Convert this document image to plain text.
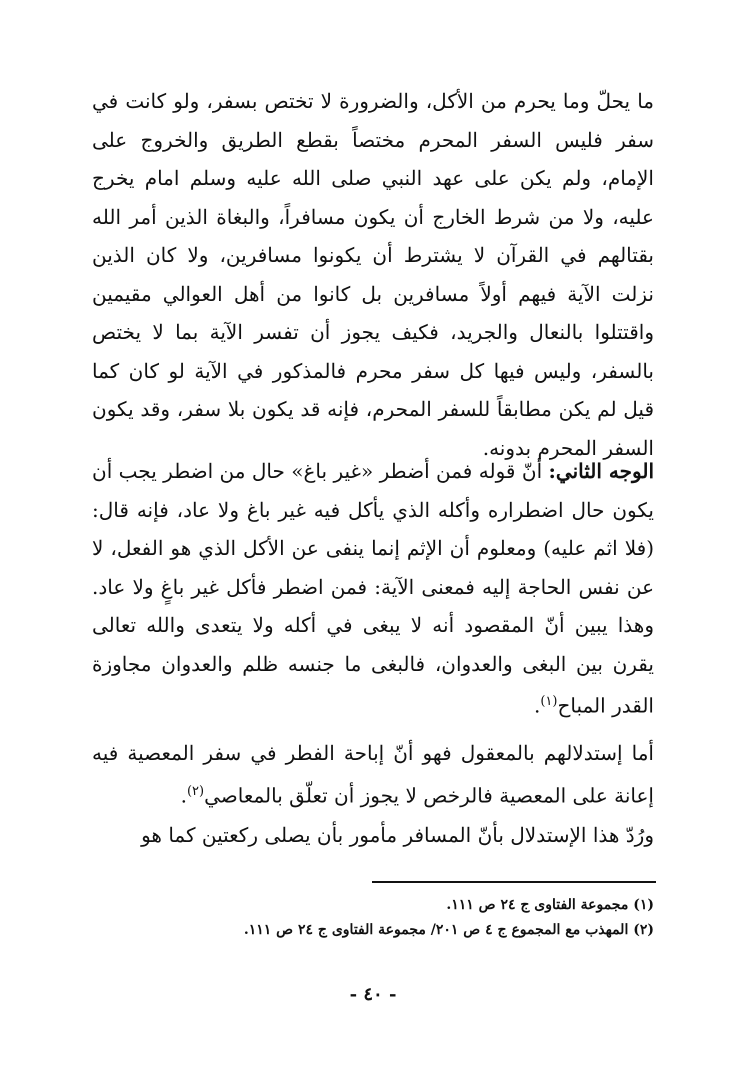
ما يحلّ وما يحرم من الأكل، والضرورة لا تختص بسفر، ولو كانت في سفر فليس السفر المحرم مختصاً بقطع الطريق والخروج على الإمام، ولم يكن على عهد النبي صلى الله عليه وسلم امام يخرج عليه، ولا من شرط الخارج أن يكون مسافراً، والبغاة الذين أمر الله بقتالهم في القرآن لا يشترط أن يكونوا مسافرين، ولا كان الذين نزلت الآية فيهم أولاً مسافرين بل كانوا من أهل العوالي مقيمين واقتتلوا بالنعال والجريد، فكيف يجوز أن تفسر الآية بما لا يختص بالسفر، وليس فيها كل سفر محرم فالمذكور في الآية لو كان كما قيل لم يكن مطابقاً للسفر المحرم، فإنه قد يكون بلا سفر، وقد يكون السفر المحرم بدونه.

الوجه الثاني: أنّ قوله فمن أضطر «غير باغ» حال من اضطر يجب أن يكون حال اضطراره وأكله الذي يأكل فيه غير باغ ولا عاد، فإنه قال: (فلا اثم عليه) ومعلوم أن الإثم إنما ينفى عن الأكل الذي هو الفعل، لا عن نفس الحاجة إليه فمعنى الآية: فمن اضطر فأكل غير باغٍ ولا عاد. وهذا يبين أنّ المقصود أنه لا يبغى في أكله ولا يتعدى والله تعالى يقرن بين البغى والعدوان، فالبغى ما جنسه ظلم والعدوان مجاوزة القدر المباح$^{(١)}$.

أما إستدلالهم بالمعقول فهو أنّ إباحة الفطر في سفر المعصية فيه إعانة على المعصية فالرخص لا يجوز أن تعلّق بالمعاصي$^{(٢)}$.

ورُدّ هذا الإستدلال بأنّ المسافر مأمور بأن يصلى ركعتين كما هو

(١) مجموعة الفتاوى ج ٢٤ ص ١١١.
(٢) المهذب مع المجموع ج ٤ ص ٢٠١/ مجموعة الفتاوى ج ٢٤ ص ١١١.
- ٤٠ -
